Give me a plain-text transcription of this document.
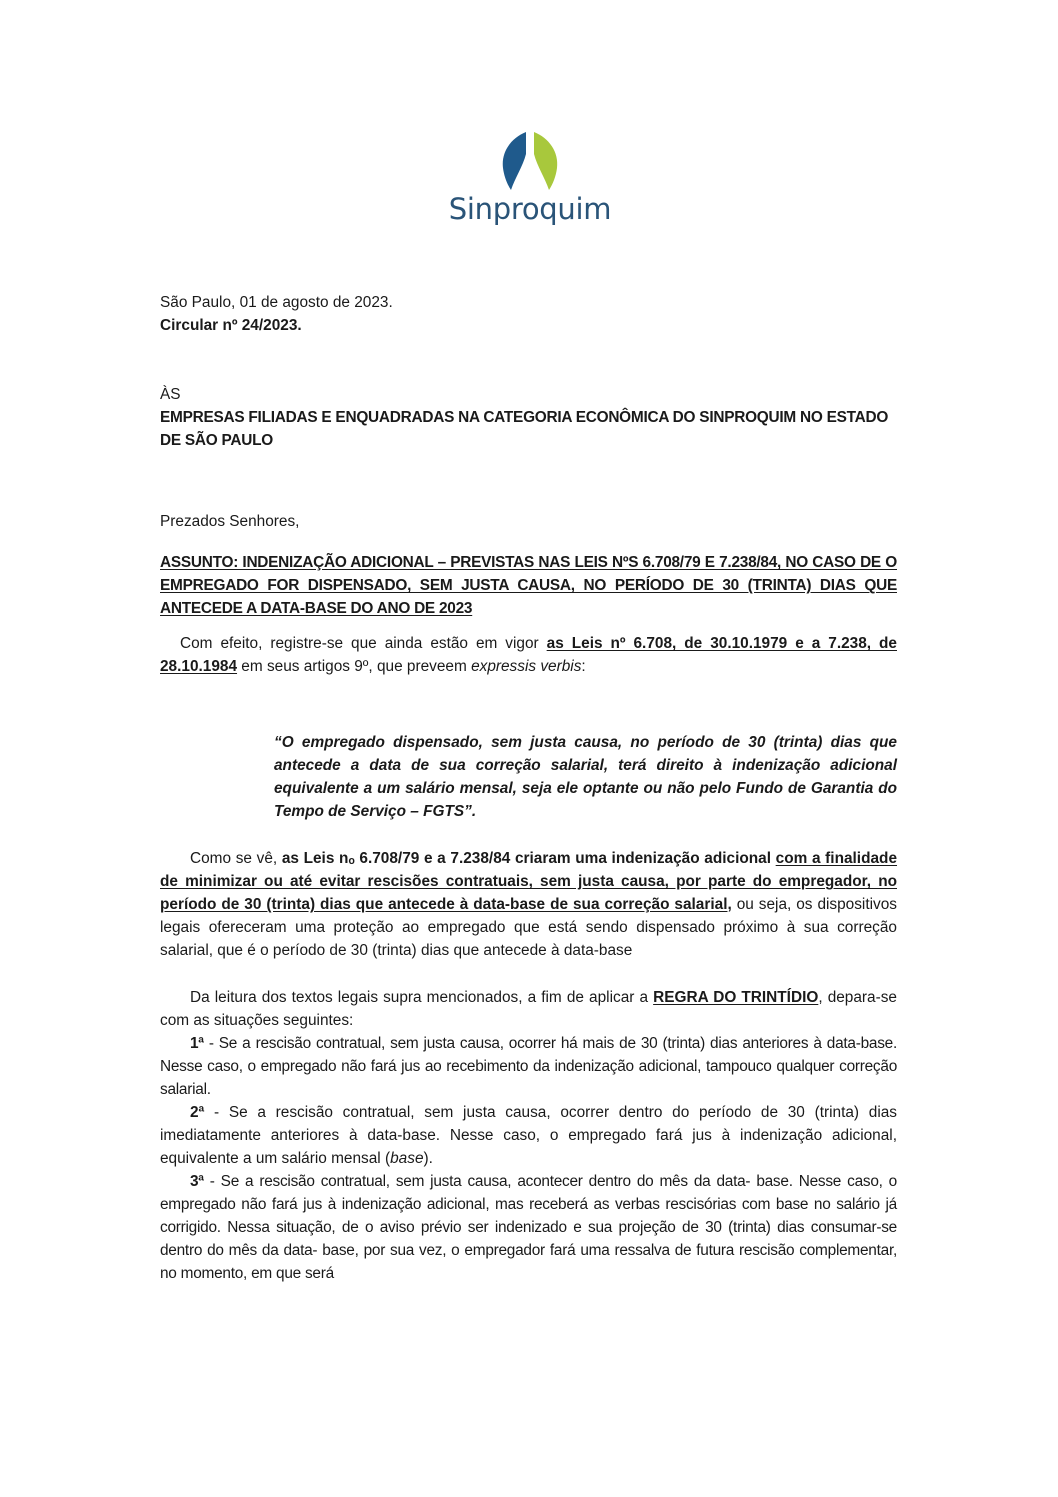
Sinproquim

São Paulo, 01 de agosto de 2023.

Circular nº 24/2023.

ÀS

EMPRESAS FILIADAS E ENQUADRADAS NA CATEGORIA ECONÔMICA DO SINPROQUIM NO ESTADO DE SÃO PAULO

Prezados Senhores,

ASSUNTO: INDENIZAÇÃO ADICIONAL – PREVISTAS NAS LEIS NºS 6.708/79 E 7.238/84, NO CASO DE O EMPREGADO FOR DISPENSADO, SEM JUSTA CAUSA, NO PERÍODO DE 30 (TRINTA) DIAS QUE ANTECEDE A DATA-BASE DO ANO DE 2023

Com efeito, registre-se que ainda estão em vigor as Leis nº 6.708, de 30.10.1979 e a 7.238, de 28.10.1984 em seus artigos 9º, que preveem expressis verbis:

“O empregado dispensado, sem justa causa, no período de 30 (trinta) dias que antecede a data de sua correção salarial, terá direito à indenização adicional equivalente a um salário mensal, seja ele optante ou não pelo Fundo de Garantia do Tempo de Serviço – FGTS”.

Como se vê, as Leis nₒ 6.708/79 e a 7.238/84 criaram uma indenização adicional com a finalidade de minimizar ou até evitar rescisões contratuais, sem justa causa, por parte do empregador, no período de 30 (trinta) dias que antecede à data-base de sua correção salarial, ou seja, os dispositivos legais ofereceram uma proteção ao empregado que está sendo dispensado próximo à sua correção salarial, que é o período de 30 (trinta) dias que antecede à data-base

Da leitura dos textos legais supra mencionados, a fim de aplicar a REGRA DO TRINTÍDIO, depara-se com as situações seguintes:

1ª - Se a rescisão contratual, sem justa causa, ocorrer há mais de 30 (trinta) dias anteriores à data-base. Nesse caso, o empregado não fará jus ao recebimento da indenização adicional, tampouco qualquer correção salarial.

2ª - Se a rescisão contratual, sem justa causa, ocorrer dentro do período de 30 (trinta) dias imediatamente anteriores à data-base. Nesse caso, o empregado fará jus à indenização adicional, equivalente a um salário mensal (base).

3ª - Se a rescisão contratual, sem justa causa, acontecer dentro do mês da data- base. Nesse caso, o empregado não fará jus à indenização adicional, mas receberá as verbas rescisórias com base no salário já corrigido. Nessa situação, de o aviso prévio ser indenizado e sua projeção de 30 (trinta) dias consumar-se dentro do mês da data- base, por sua vez, o empregador fará uma ressalva de futura rescisão complementar, no momento, em que será
